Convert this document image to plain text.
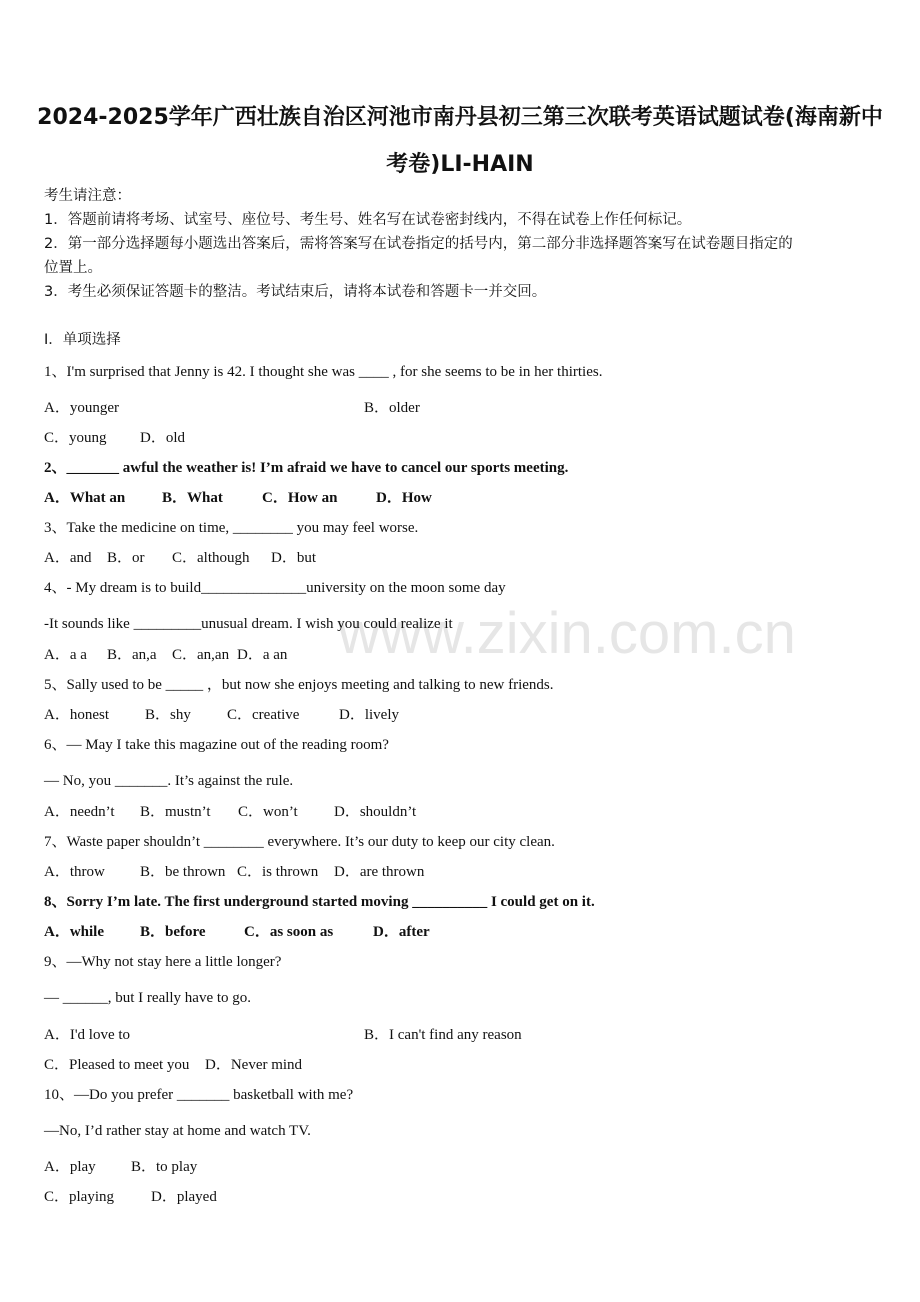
www.zixin.com.cn
2024-2025学年广西壮族自治区河池市南丹县初三第三次联考英语试题试卷(海南新中
考卷)LI-HAIN
考生请注意：
1．答题前请将考场、试室号、座位号、考生号、姓名写在试卷密封线内，不得在试卷上作任何标记。
2．第一部分选择题每小题选出答案后，需将答案写在试卷指定的括号内，第二部分非选择题答案写在试卷题目指定的
位置上。
3．考生必须保证答题卡的整洁。考试结束后，请将本试卷和答题卡一并交回。
Ⅰ．单项选择
1、I'm surprised that Jenny is 42. I thought she was ____ , for she seems to be in her thirties.
A．younger	B．older
C．young D．old
2、_______ awful the weather is! I’m afraid we have to cancel our sports meeting.
A．What an B．What	C．How an	D．How
3、Take the medicine on time, ________ you may feel worse.
A．and B．or C．although D．but
4、- My dream is to build______________university on the moon some day
-It sounds like _________unusual dream. I wish you could realize it
A．a a B．an,a C．an,an D．a an
5、Sally used to be _____ ，but now she enjoys meeting and talking to new friends.
A．honest B．shy C．creative	D．lively
6、— May I take this magazine out of the reading room?
— No, you _______. It’s against the rule.
A．needn’t B．mustn’t C．won’t D．shouldn’t
7、Waste paper shouldn’t ________ everywhere. It’s our duty to keep our city clean.
A．throw B．be thrown C．is thrown D．are thrown
8、Sorry I’m late. The first underground started moving __________ I could get on it.
A．while B．before	C．as soon as	D．after
9、—Why not stay here a little longer?
— ______, but I really have to go.
A．I'd love to	B．I can't find any reason
C．Pleased to meet you D．Never mind
10、—Do you prefer _______ basketball with me?
—No, I’d rather stay at home and watch TV.
A．play B．to play
C．playing D．played
